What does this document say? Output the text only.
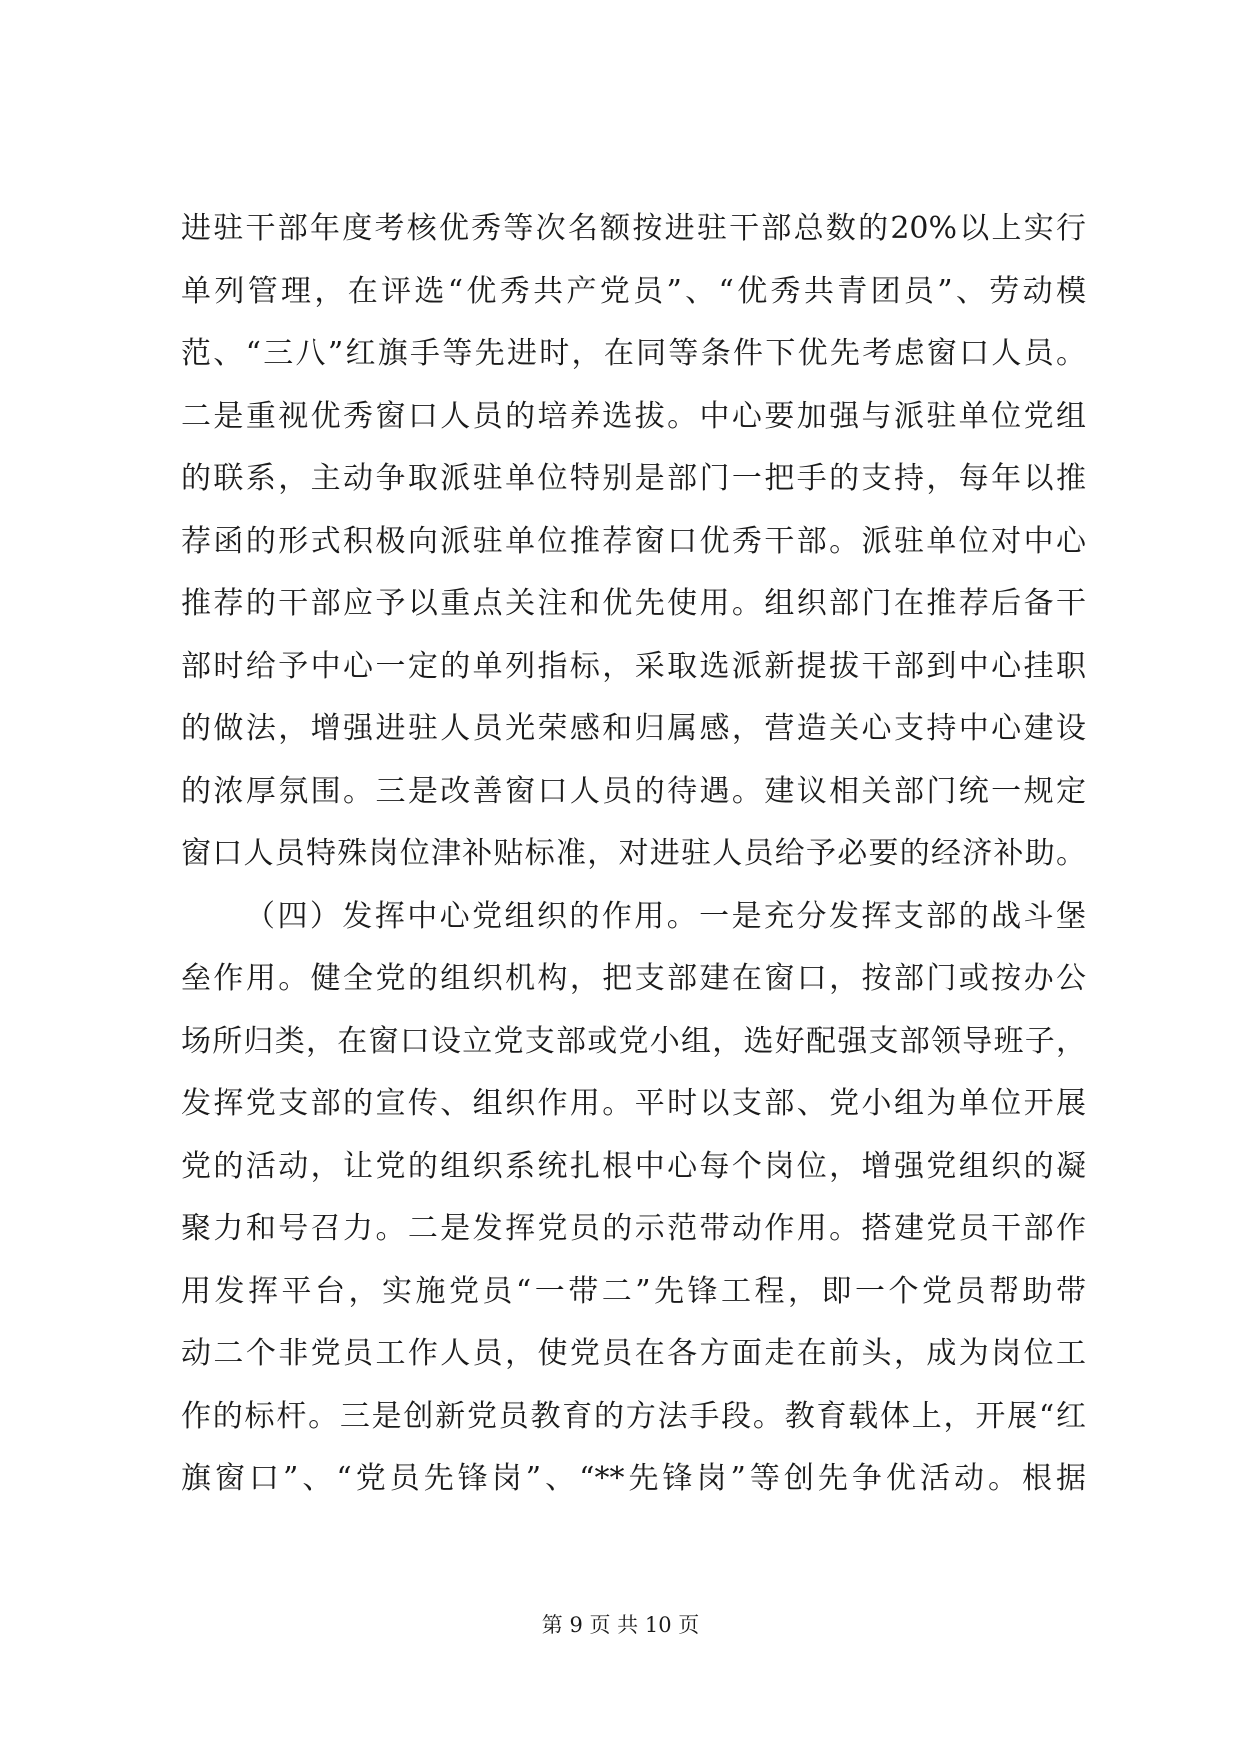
进驻干部年度考核优秀等次名额按进驻干部总数的20%以上实行
单列管理，在评选“优秀共产党员”、“优秀共青团员”、劳动模
范、“三八”红旗手等先进时，在同等条件下优先考虑窗口人员。
二是重视优秀窗口人员的培养选拔。中心要加强与派驻单位党组
的联系，主动争取派驻单位特别是部门一把手的支持，每年以推
荐函的形式积极向派驻单位推荐窗口优秀干部。派驻单位对中心
推荐的干部应予以重点关注和优先使用。组织部门在推荐后备干
部时给予中心一定的单列指标，采取选派新提拔干部到中心挂职
的做法，增强进驻人员光荣感和归属感，营造关心支持中心建设
的浓厚氛围。三是改善窗口人员的待遇。建议相关部门统一规定
窗口人员特殊岗位津补贴标准，对进驻人员给予必要的经济补助。
（四）发挥中心党组织的作用。一是充分发挥支部的战斗堡
垒作用。健全党的组织机构，把支部建在窗口，按部门或按办公
场所归类，在窗口设立党支部或党小组，选好配强支部领导班子，
发挥党支部的宣传、组织作用。平时以支部、党小组为单位开展
党的活动，让党的组织系统扎根中心每个岗位，增强党组织的凝
聚力和号召力。二是发挥党员的示范带动作用。搭建党员干部作
用发挥平台，实施党员“一带二”先锋工程，即一个党员帮助带
动二个非党员工作人员，使党员在各方面走在前头，成为岗位工
作的标杆。三是创新党员教育的方法手段。教育载体上，开展“红
旗窗口”、“党员先锋岗”、“**先锋岗”等创先争优活动。根据
第 9 页 共 10 页
